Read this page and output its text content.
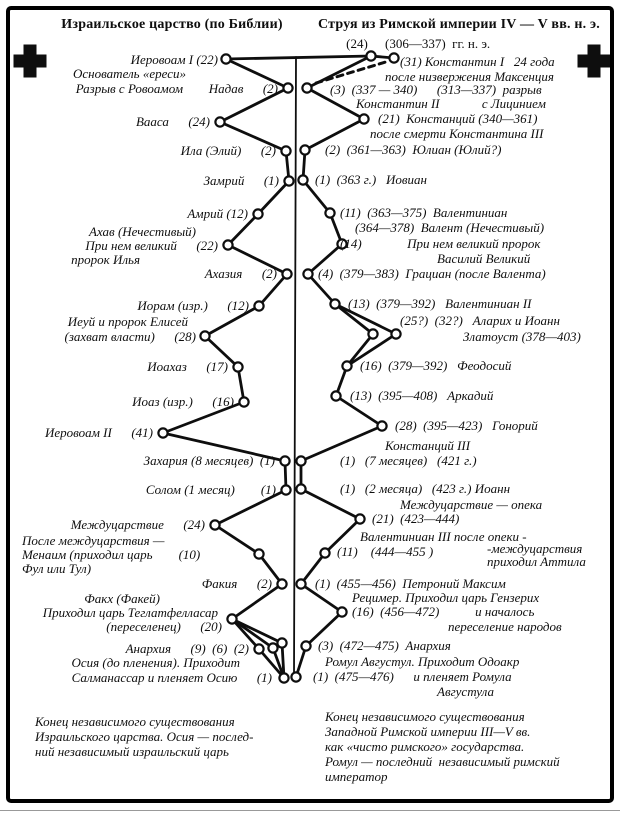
Израильское царство (по Библии)	Струя из Римской империи IV — V вв. н. э.
Иеровоам I (22)
Основатель «ереси»
Разрыв с Ровоамом Надав      (2)
Вааса      (24)
Ила (Элий)      (2)
Замрий      (1)
Амрий (12)
Ахав (Нечестивый)
При нем великий      (22)
пророк Илья
Ахазия      (2)
Иорам (изр.)      (12)
Иеуй и пророк Елисей
(захват власти)      (28)
Иоахаз      (17)
Иоаз (изр.)      (16)
Иеровоам II      (41)
Захария (8 месяцев)  (1)
Солом (1 месяц)        (1)
Междуцарствие      (24)
После междуцарствия —
Менаим (приходил царь        (10)
Фул или Тул)
Факия      (2)
Факх (Факей)
Приходил царь Теглатфелласар
(переселенец)      (20)
Анархия      (9)  (6)  (2)
Осия (до пленения). Приходит
Салманассар и пленяет Осию      (1)
(24) (306—337)  гг. н. э.
(31) Константин I   24 года
после низвержения Максенция
(3)  (337 — 340)      (313—337)  разрыв
Константин II             с Лицинием
(21)  Констанций (340—361)
после смерти Константина III
(2)  (361—363)  Юлиан (Юлий?)
(1)  (363 г.)   Иовиан
(11)  (363—375)  Валентиниан
(364—378)  Валент (Нечестивый)
(14)              При нем великий пророк
Василий Великий
(4)  (379—383)  Грациан (после Валента)
(13)  (379—392)   Валентиниан II
(25?)  (32?)   Аларих и Иоанн
Златоуст (378—403)
(16)  (379—392)   Феодосий
(13)  (395—408)   Аркадий
(28)  (395—423)   Гонорий
Констанций III
(1)   (7 месяцев)   (421 г.)
(1)   (2 месяца)   (423 г.) Иоанн
Междуцарствие — опека
(21)  (423—444)
Валентиниан III после опеки -
(11)    (444—455 )	-междуцарствия
приходил Аттила
(1)  (455—456)  Петроний Максим
Рецимер. Приходил царь Гензерих
(16)  (456—472)           и началось
переселение народов
(3)  (472—475)  Анархия
Ромул Августул. Приходит Одоакр
(1)  (475—476)      и пленяет Ромула
Августула
Конец независимого существования
Израильского царства. Осия — послед-
ний независимый израильский царь
Конец независимого существования
Западной Римской империи III—V вв.
как «чисто римского» государства.
Ромул — последний  независимый римский
император
